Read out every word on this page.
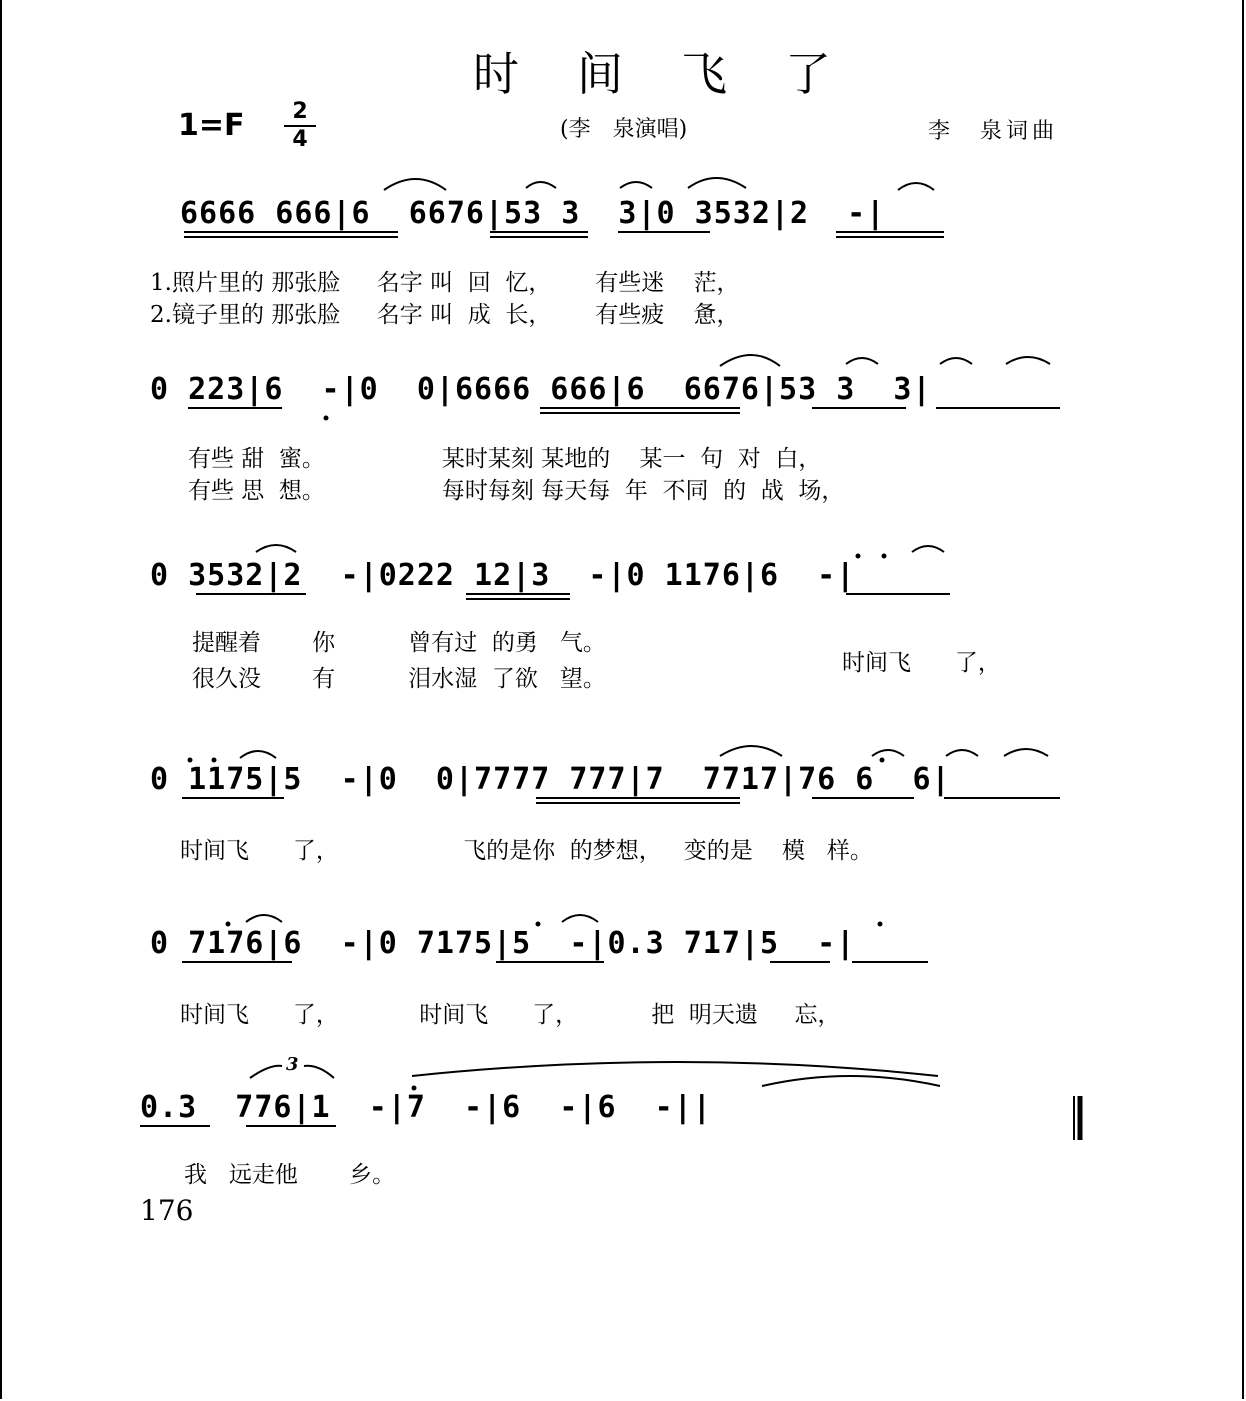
时间飞了
1=F	2
4	(李　泉演唱)	李　泉词曲
6666 666|6  6676|53 3  3|0 3532|2  -|
1.照片里的 那张脸     名字 叫  回  忆，      有些迷    茫，
2.镜子里的 那张脸     名字 叫  成  长，      有些疲    惫，
0 223|6  -|0  0|6666 666|6  6676|53 3  3|
有些 甜  蜜。                某时某刻 某地的    某一  句  对  白，
有些 思  想。                每时每刻 每天每  年  不同  的  战  场，
0 3532|2  -|0222 12|3  -|0 1176|6  -|
提醒着       你          曾有过  的勇   气。
很久没       有          泪水湿  了欲   望。
时间飞      了，
0 1175|5  -|0  0|7777 777|7  7717|76 6  6|
时间飞      了，                 飞的是你  的梦想，   变的是    模   样。
0 7176|6  -|0 7175|5  -|0.3 717|5  -|
时间飞      了，           时间飞      了，          把  明天遗     忘，
0.3  776|1  -|7  -|6  -|6  -||
我   远走他       乡。
3
176
